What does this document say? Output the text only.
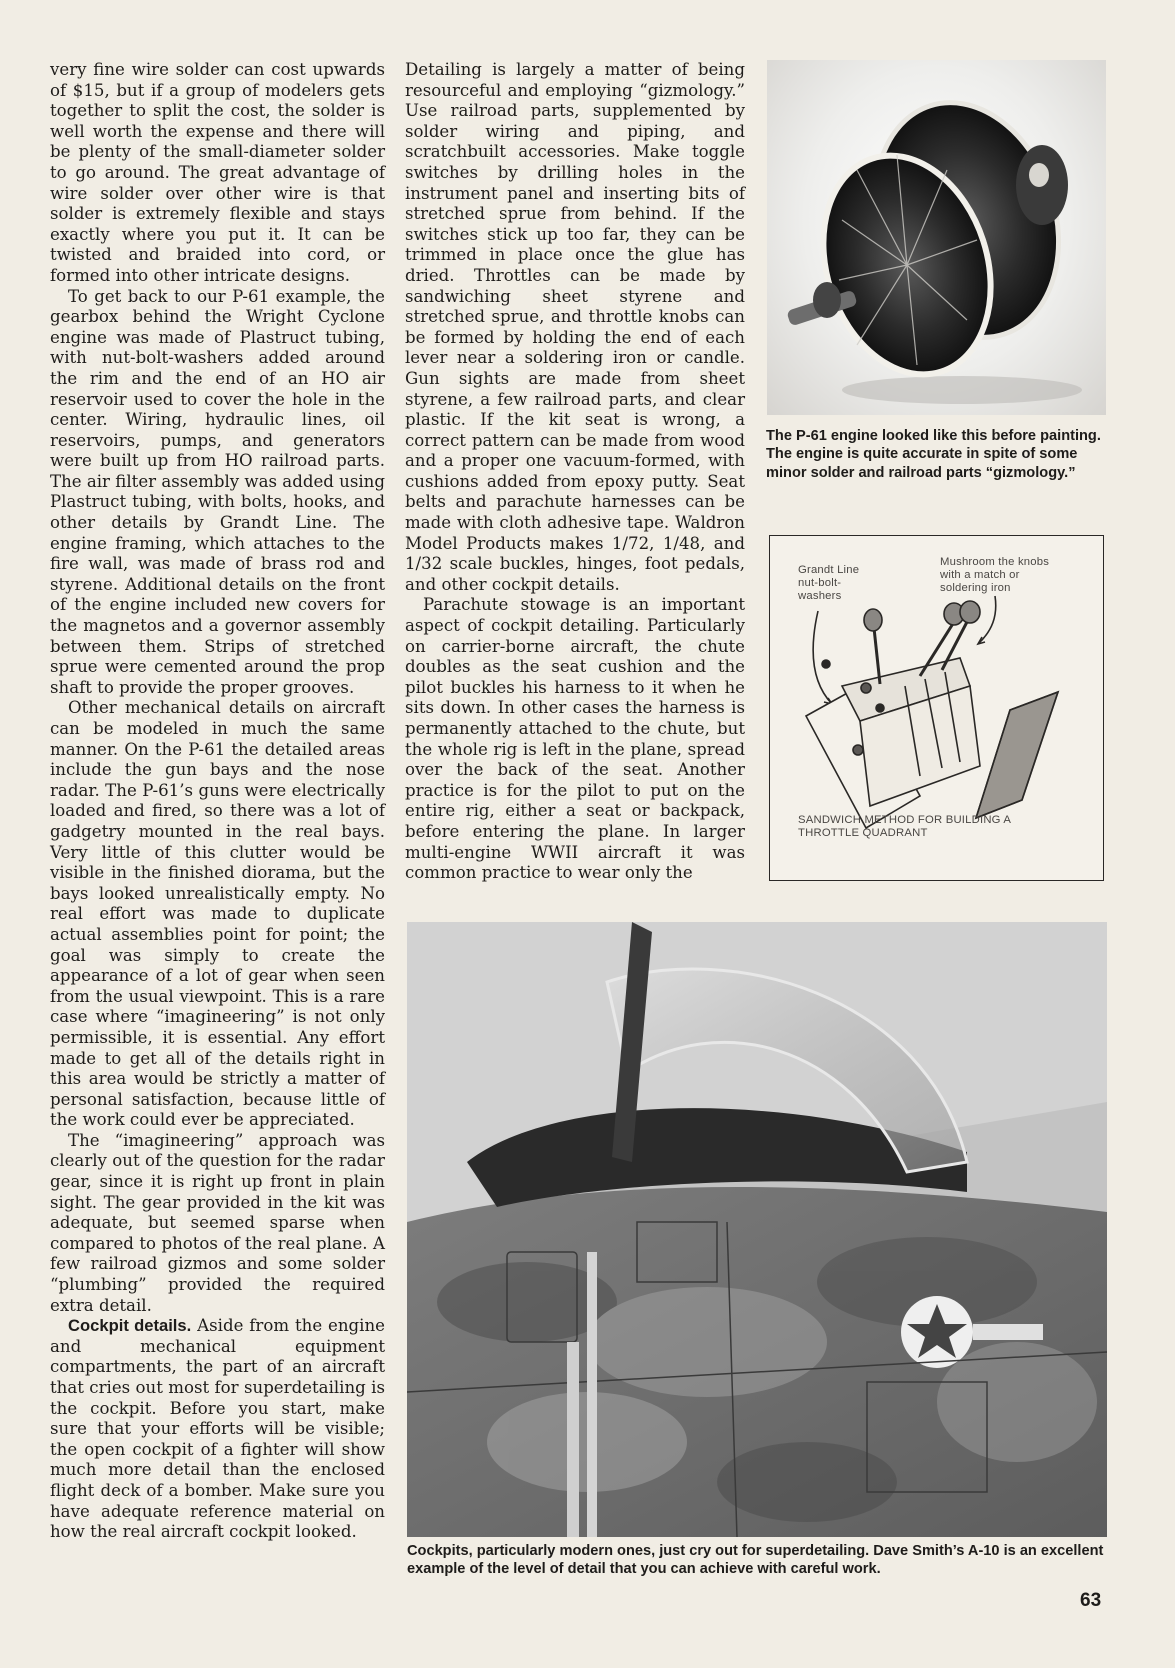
very fine wire solder can cost upwards of $15, but if a group of modelers gets together to split the cost, the solder is well worth the expense and there will be plenty of the small-diameter solder to go around. The great advantage of wire solder over other wire is that solder is extremely flexible and stays exactly where you put it. It can be twisted and braided into cord, or formed into other intricate designs.

To get back to our P-61 example, the gearbox behind the Wright Cyclone engine was made of Plastruct tubing, with nut-bolt-washers added around the rim and the end of an HO air reservoir used to cover the hole in the center. Wiring, hydraulic lines, oil reservoirs, pumps, and generators were built up from HO railroad parts. The air filter assembly was added using Plastruct tubing, with bolts, hooks, and other details by Grandt Line. The engine framing, which attaches to the fire wall, was made of brass rod and styrene. Additional details on the front of the engine included new covers for the magnetos and a governor assembly between them. Strips of stretched sprue were cemented around the prop shaft to provide the proper grooves.

Other mechanical details on aircraft can be modeled in much the same manner. On the P-61 the detailed areas include the gun bays and the nose radar. The P-61’s guns were electrically loaded and fired, so there was a lot of gadgetry mounted in the real bays. Very little of this clutter would be visible in the finished diorama, but the bays looked unrealistically empty. No real effort was made to duplicate actual assemblies point for point; the goal was simply to create the appearance of a lot of gear when seen from the usual viewpoint. This is a rare case where “imagineering” is not only permissible, it is essential. Any effort made to get all of the details right in this area would be strictly a matter of personal satisfaction, because little of the work could ever be appreciated.

The “imagineering” approach was clearly out of the question for the radar gear, since it is right up front in plain sight. The gear provided in the kit was adequate, but seemed sparse when compared to photos of the real plane. A few railroad gizmos and some solder “plumbing” provided the required extra detail.

Cockpit details. Aside from the engine and mechanical equipment compartments, the part of an aircraft that cries out most for superdetailing is the cockpit. Before you start, make sure that your efforts will be visible; the open cockpit of a fighter will show much more detail than the enclosed flight deck of a bomber. Make sure you have adequate reference material on how the real aircraft cockpit looked.

Detailing is largely a matter of being resourceful and employing “gizmology.” Use railroad parts, supplemented by solder wiring and piping, and scratchbuilt accessories. Make toggle switches by drilling holes in the instrument panel and inserting bits of stretched sprue from behind. If the switches stick up too far, they can be trimmed in place once the glue has dried. Throttles can be made by sandwiching sheet styrene and stretched sprue, and throttle knobs can be formed by holding the end of each lever near a soldering iron or candle. Gun sights are made from sheet styrene, a few railroad parts, and clear plastic. If the kit seat is wrong, a correct pattern can be made from wood and a proper one vacuum-formed, with cushions added from epoxy putty. Seat belts and parachute harnesses can be made with cloth adhesive tape. Waldron Model Products makes 1/72, 1/48, and 1/32 scale buckles, hinges, foot pedals, and other cockpit details.

Parachute stowage is an important aspect of cockpit detailing. Particularly on carrier-borne aircraft, the chute doubles as the seat cushion and the pilot buckles his harness to it when he sits down. In other cases the harness is permanently attached to the chute, but the whole rig is left in the plane, spread over the back of the seat. Another practice is for the pilot to put on the entire rig, either a seat or backpack, before entering the plane. In larger multi-engine WWII aircraft it was common practice to wear only the

The P-61 engine looked like this before painting. The engine is quite accurate in spite of some minor solder and railroad parts “gizmology.”
Grandt Line
nut-bolt-
washers
Mushroom the knobs
with a match or
soldering iron
SANDWICH METHOD FOR BUILDING A
THROTTLE QUADRANT
Cockpits, particularly modern ones, just cry out for superdetailing. Dave Smith’s A-10 is an excellent example of the level of detail that you can achieve with careful work.
63
